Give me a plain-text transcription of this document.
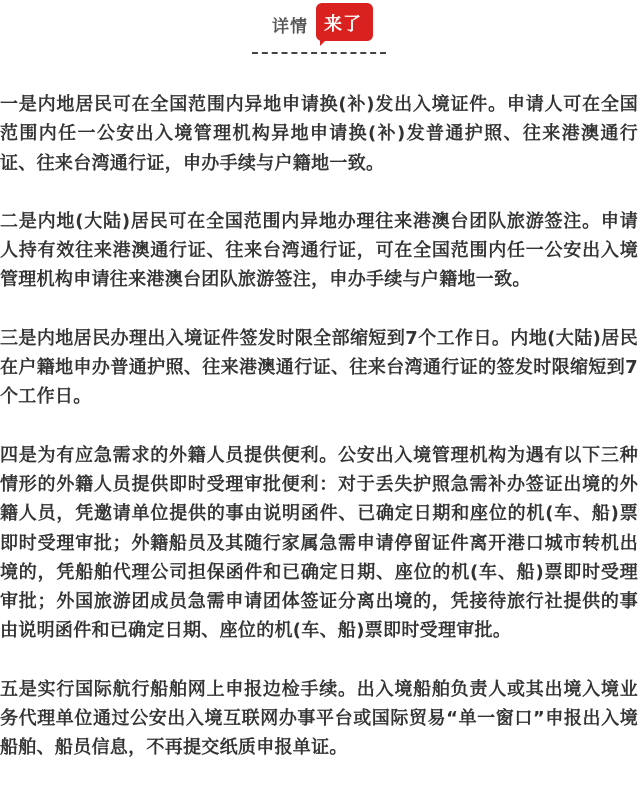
详情 来了

一是内地居民可在全国范围内异地申请换(补)发出入境证件。申请人可在全国范围内任一公安出入境管理机构异地申请换(补)发普通护照、往来港澳通行证、往来台湾通行证，申办手续与户籍地一致。

二是内地(大陆)居民可在全国范围内异地办理往来港澳台团队旅游签注。申请人持有效往来港澳通行证、往来台湾通行证，可在全国范围内任一公安出入境管理机构申请往来港澳台团队旅游签注，申办手续与户籍地一致。

三是内地居民办理出入境证件签发时限全部缩短到7个工作日。内地(大陆)居民在户籍地申办普通护照、往来港澳通行证、往来台湾通行证的签发时限缩短到7个工作日。

四是为有应急需求的外籍人员提供便利。公安出入境管理机构为遇有以下三种情形的外籍人员提供即时受理审批便利：对于丢失护照急需补办签证出境的外籍人员，凭邀请单位提供的事由说明函件、已确定日期和座位的机(车、船)票即时受理审批；外籍船员及其随行家属急需申请停留证件离开港口城市转机出境的，凭船舶代理公司担保函件和已确定日期、座位的机(车、船)票即时受理审批；外国旅游团成员急需申请团体签证分离出境的，凭接待旅行社提供的事由说明函件和已确定日期、座位的机(车、船)票即时受理审批。

五是实行国际航行船舶网上申报边检手续。出入境船舶负责人或其出境入境业务代理单位通过公安出入境互联网办事平台或国际贸易“单一窗口”申报出入境船舶、船员信息，不再提交纸质申报单证。
